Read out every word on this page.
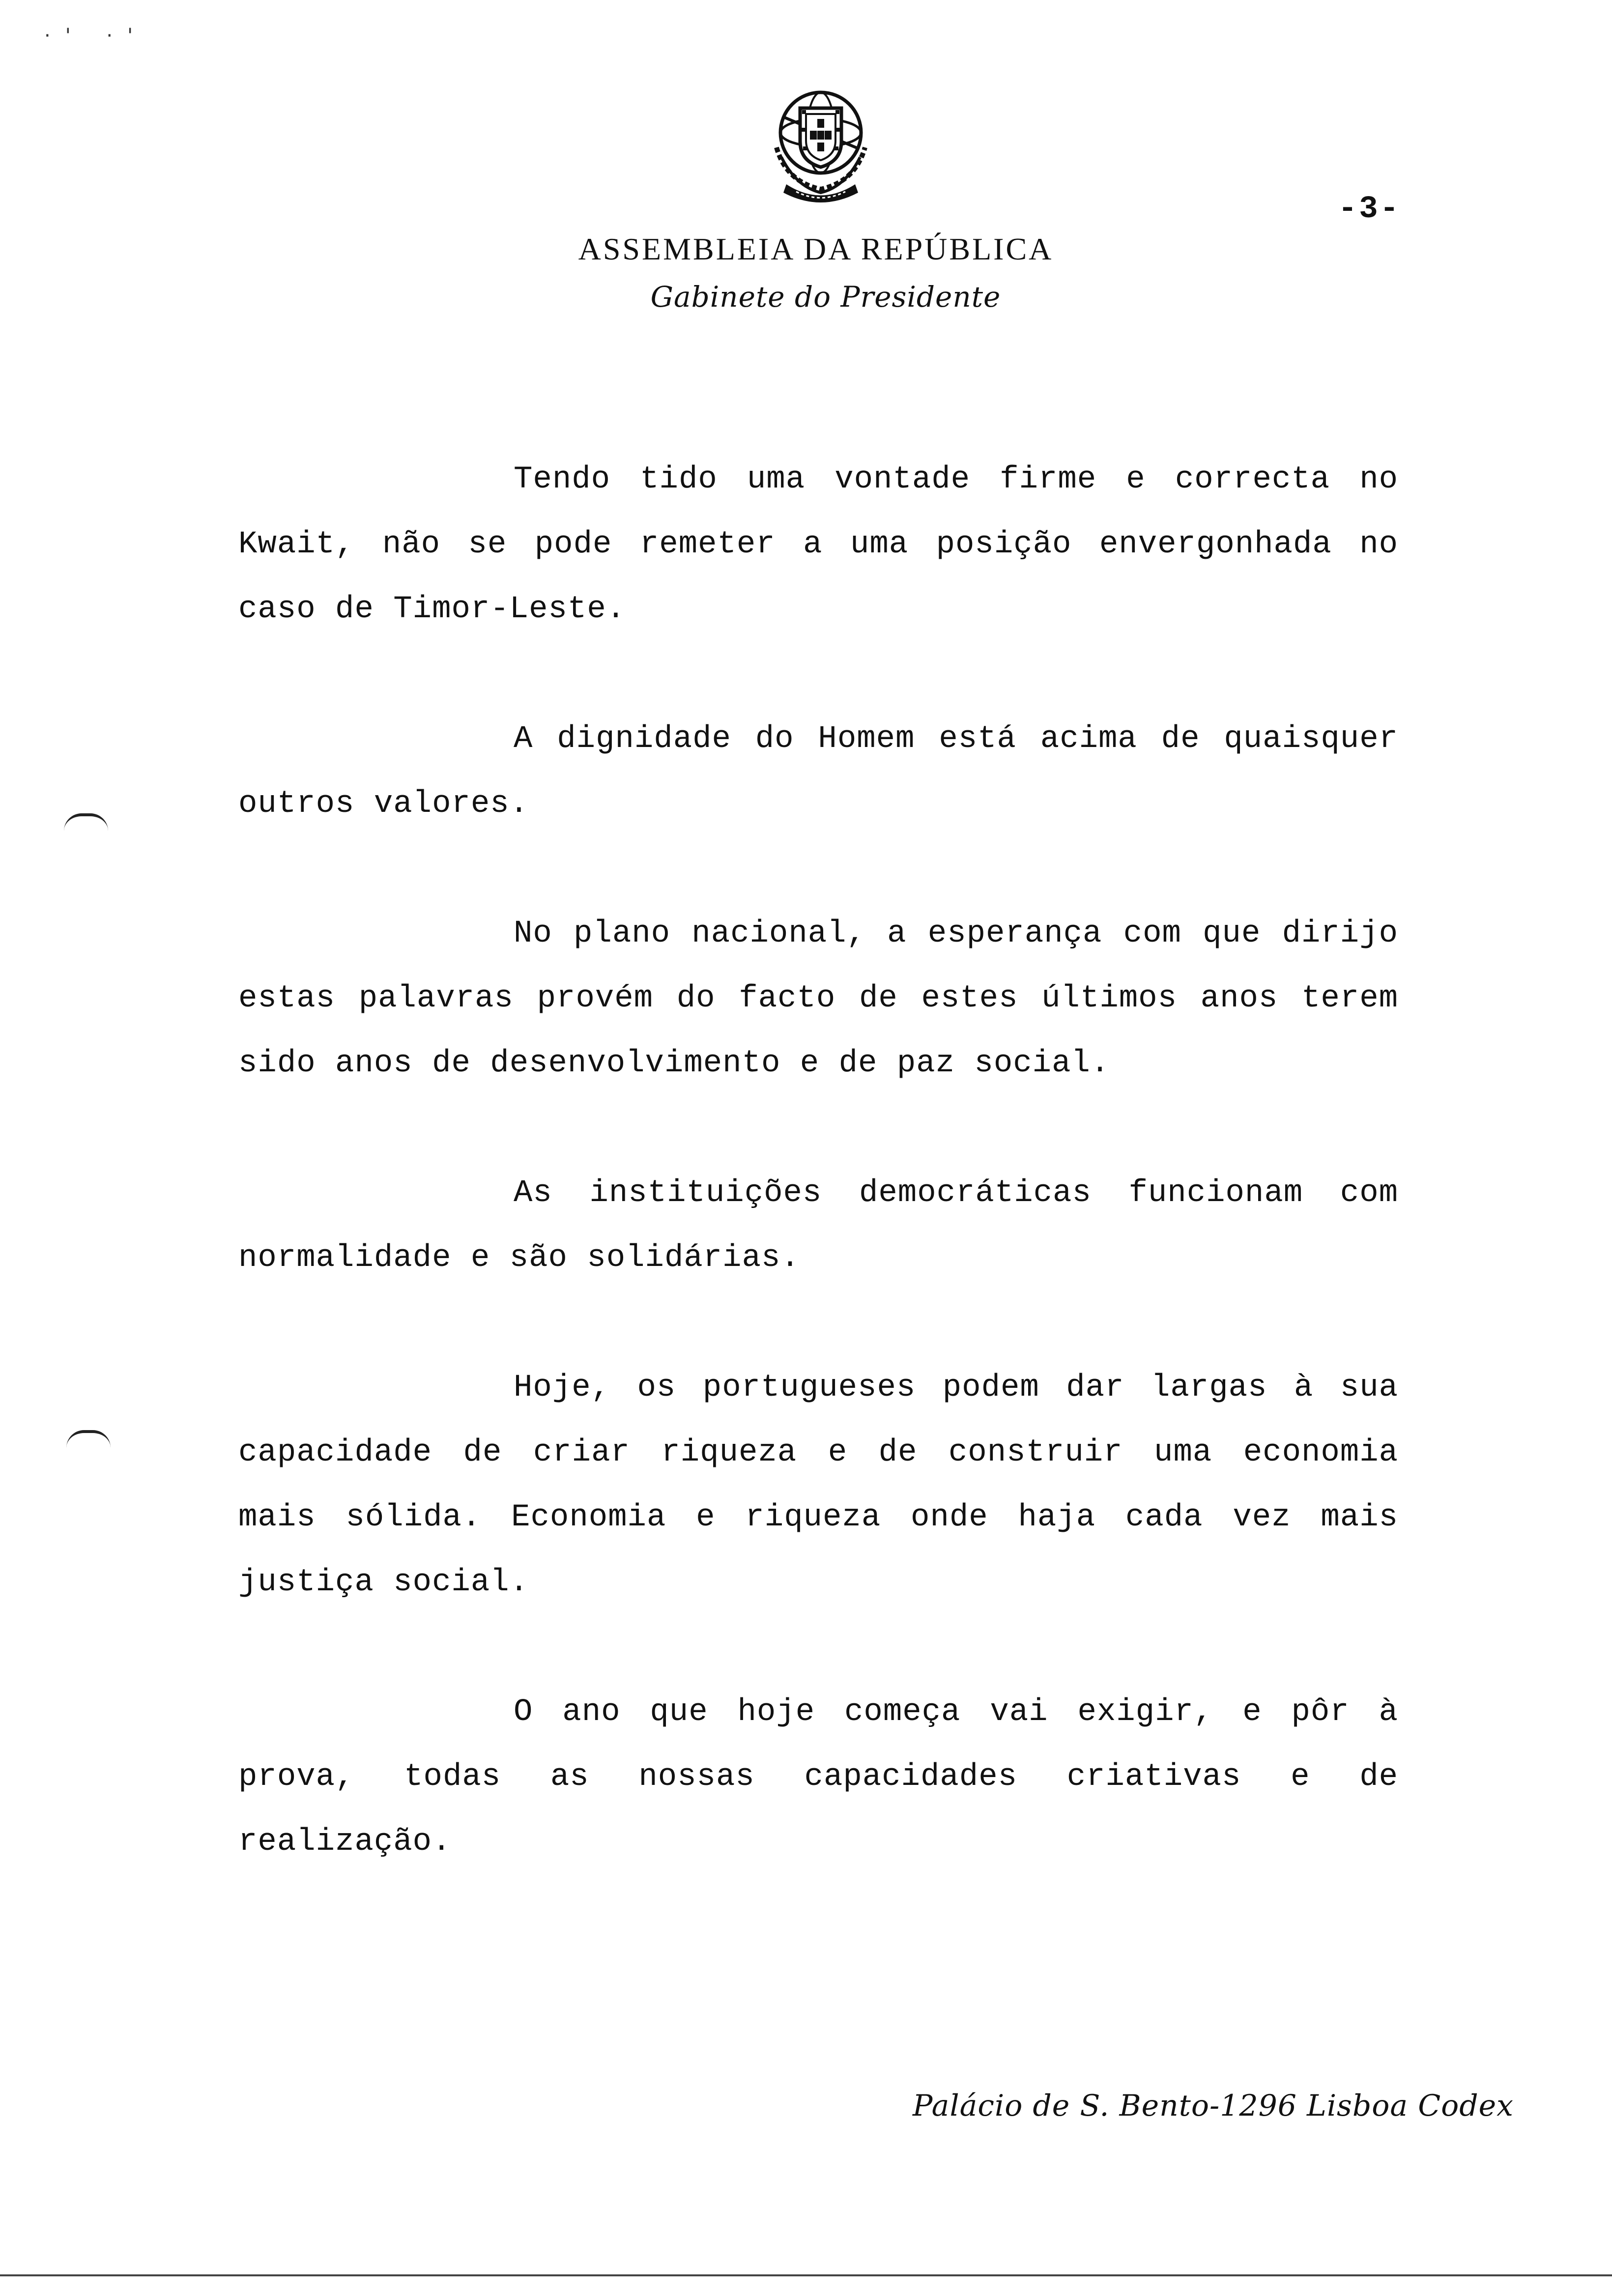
·' ·'
-3-
ASSEMBLEIA DA REPÚBLICA
Gabinete do Presidente

Tendo tido uma vontade firme e correcta no Kwait, não se pode remeter a uma posição envergonhada no caso de Timor-Leste.

A dignidade do Homem está acima de quaisquer outros valores.

No plano nacional, a esperança com que dirijo estas palavras provém do facto de estes últimos anos terem sido anos de desenvolvimento e de paz social.

As instituições democráticas funcionam com normalidade e são solidárias.

Hoje, os portugueses podem dar largas à sua capacidade de criar riqueza e de construir uma economia mais sólida. Economia e riqueza onde haja cada vez mais justiça social.

O ano que hoje começa vai exigir, e pôr à prova, todas as nossas capacidades criativas e de realização.

Palácio de S. Bento-1296 Lisboa Codex
